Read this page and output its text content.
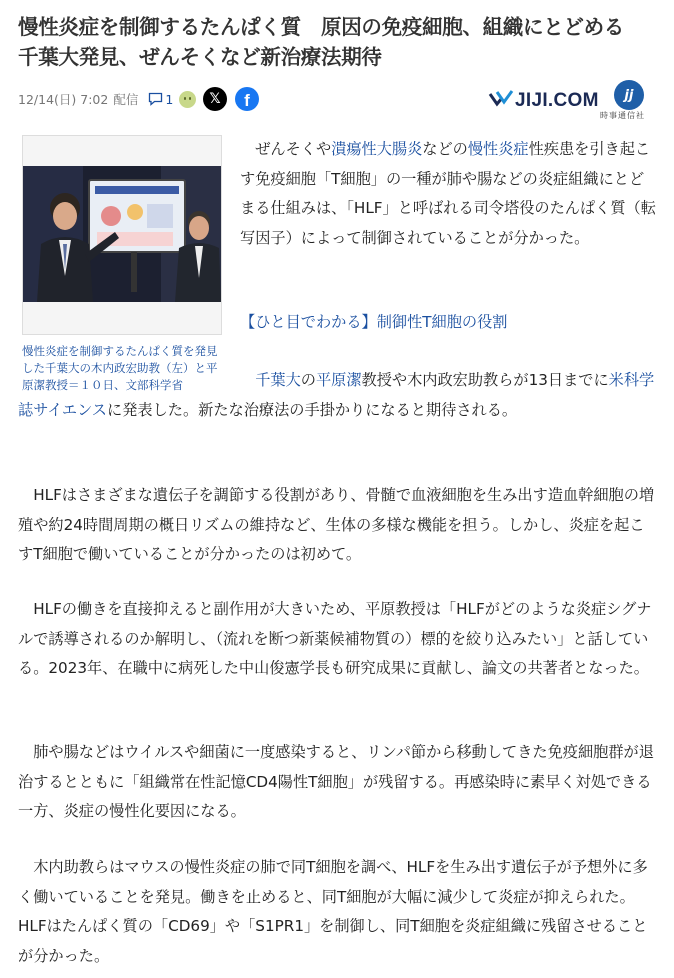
慢性炎症を制御するたんぱく質　原因の免疫細胞、組織にとどめる　千葉大発見、ぜんそくなど新治療法期待
12/14(日) 7:02 配信 1	𝕏	f	JIJI.COM	jj
時事通信社

慢性炎症を制御するたんぱく質を発見した千葉大の木内政宏助教（左）と平原潔教授＝１０日、文部科学省

　ぜんそくや潰瘍性大腸炎などの慢性炎症性疾患を引き起こす免疫細胞「T細胞」の一種が肺や腸などの炎症組織にとどまる仕組みは、「HLF」と呼ばれる司令塔役のたんぱく質（転写因子）によって制御されていることが分かった。

【ひと目でわかる】制御性T細胞の役割

　千葉大の平原潔教授や木内政宏助教らが13日までに米科学誌サイエンスに発表した。新たな治療法の手掛かりになると期待される。

　HLFはさまざまな遺伝子を調節する役割があり、骨髄で血液細胞を生み出す造血幹細胞の増殖や約24時間周期の概日リズムの維持など、生体の多様な機能を担う。しかし、炎症を起こすT細胞で働いていることが分かったのは初めて。

　HLFの働きを直接抑えると副作用が大きいため、平原教授は「HLFがどのような炎症シグナルで誘導されるのか解明し、（流れを断つ新薬候補物質の）標的を絞り込みたい」と話している。2023年、在職中に病死した中山俊憲学長も研究成果に貢献し、論文の共著者となった。

　肺や腸などはウイルスや細菌に一度感染すると、リンパ節から移動してきた免疫細胞群が退治するとともに「組織常在性記憶CD4陽性T細胞」が残留する。再感染時に素早く対処できる一方、炎症の慢性化要因になる。

　木内助教らはマウスの慢性炎症の肺で同T細胞を調べ、HLFを生み出す遺伝子が予想外に多く働いていることを発見。働きを止めると、同T細胞が大幅に減少して炎症が抑えられた。HLFはたんぱく質の「CD69」や「S1PR1」を制御し、同T細胞を炎症組織に残留させることが分かった。
